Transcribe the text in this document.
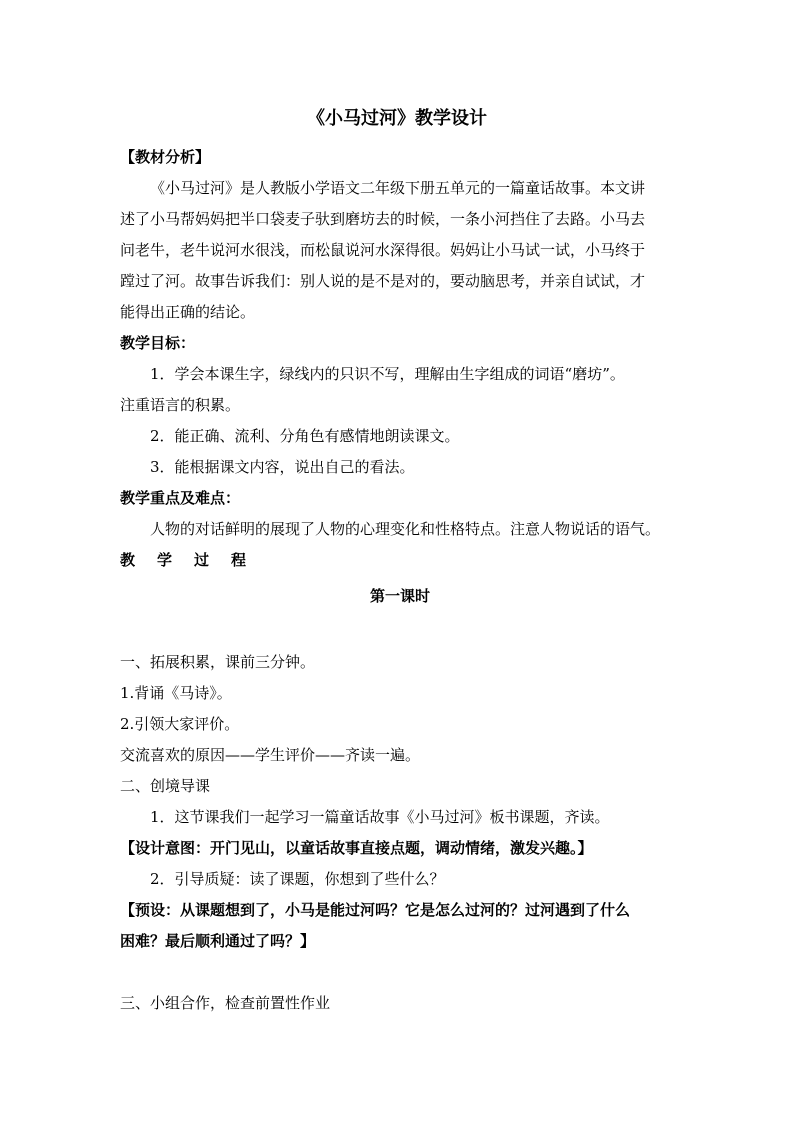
《小马过河》教学设计
【教材分析】
《小马过河》是人教版小学语文二年级下册五单元的一篇童话故事。本文讲
述了小马帮妈妈把半口袋麦子驮到磨坊去的时候，一条小河挡住了去路。小马去
问老牛，老牛说河水很浅，而松鼠说河水深得很。妈妈让小马试一试，小马终于
蹚过了河。故事告诉我们：别人说的是不是对的，要动脑思考，并亲自试试，才
能得出正确的结论。
教学目标：
1．学会本课生字，绿线内的只识不写，理解由生字组成的词语“磨坊”。
注重语言的积累。
2．能正确、流利、分角色有感情地朗读课文。
3．能根据课文内容，说出自己的看法。
教学重点及难点：
人物的对话鲜明的展现了人物的心理变化和性格特点。注意人物说话的语气。
教学过程
第一课时
一、拓展积累，课前三分钟。
1.背诵《马诗》。
2.引领大家评价。
交流喜欢的原因——学生评价——齐读一遍。
二、创境导课
1．这节课我们一起学习一篇童话故事《小马过河》板书课题，齐读。
【设计意图：开门见山，以童话故事直接点题，调动情绪，激发兴趣。】
2．引导质疑：读了课题，你想到了些什么？
【预设：从课题想到了，小马是能过河吗？它是怎么过河的？过河遇到了什么
困难？最后顺利通过了吗？】
三、小组合作，检查前置性作业
